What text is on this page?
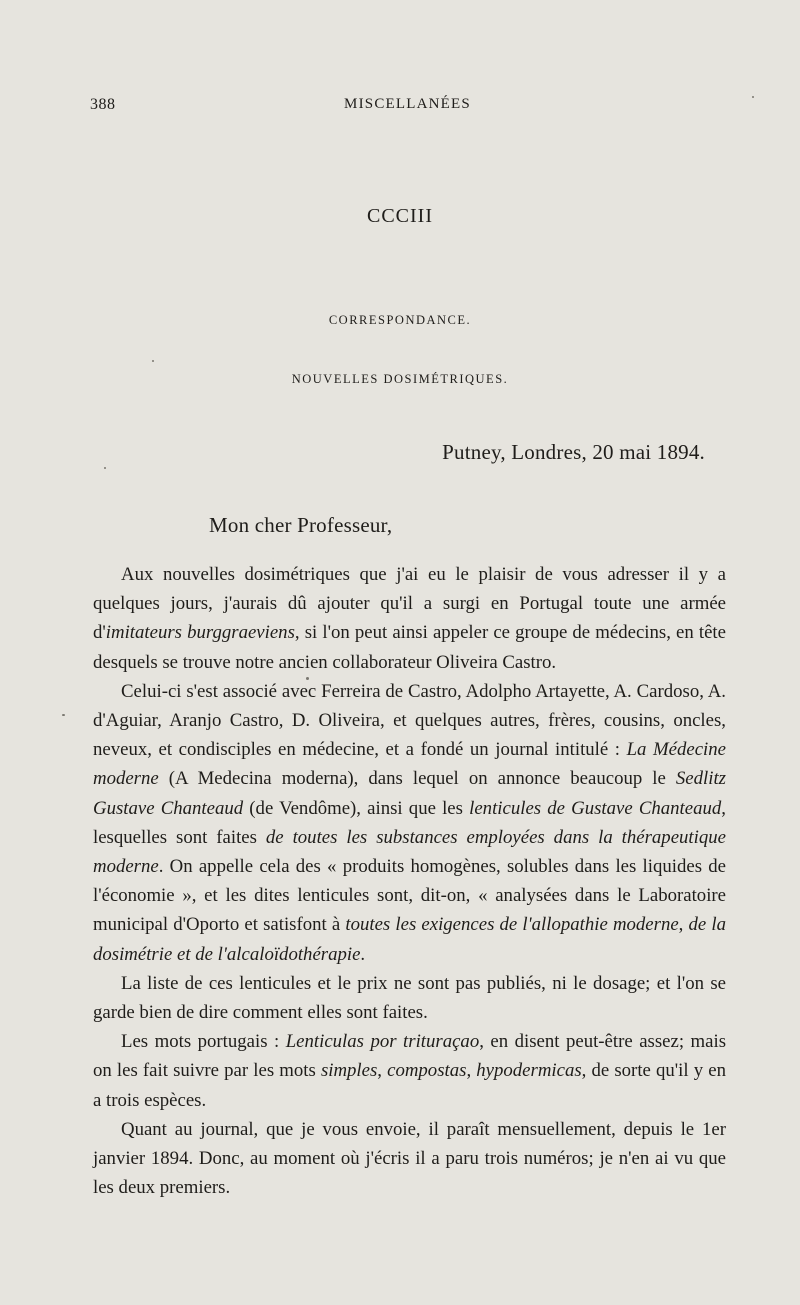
388	MISCELLANÉES
CCCIII
CORRESPONDANCE.
NOUVELLES DOSIMÉTRIQUES.
Putney, Londres, 20 mai 1894.
Mon cher Professeur,

Aux nouvelles dosimétriques que j'ai eu le plaisir de vous adresser il y a quelques jours, j'aurais dû ajouter qu'il a surgi en Portugal toute une armée d'imitateurs burggraeviens, si l'on peut ainsi appeler ce groupe de médecins, en tête desquels se trouve notre ancien collaborateur Oliveira Castro.

Celui-ci s'est associé avec Ferreira de Castro, Adolpho Artayette, A. Cardoso, A. d'Aguiar, Aranjo Castro, D. Oliveira, et quelques autres, frères, cousins, oncles, neveux, et condisciples en médecine, et a fondé un journal intitulé : La Médecine moderne (A Medecina moderna), dans lequel on annonce beaucoup le Sedlitz Gustave Chanteaud (de Vendôme), ainsi que les lenticules de Gustave Chanteaud, lesquelles sont faites de toutes les substances employées dans la thérapeutique moderne. On appelle cela des « produits homogènes, solubles dans les liquides de l'économie », et les dites lenticules sont, dit-on, « analysées dans le Laboratoire municipal d'Oporto et satisfont à toutes les exigences de l'allopathie moderne, de la dosimétrie et de l'alcaloïdothérapie.

La liste de ces lenticules et le prix ne sont pas publiés, ni le dosage; et l'on se garde bien de dire comment elles sont faites.

Les mots portugais : Lenticulas por trituraçao, en disent peut-être assez; mais on les fait suivre par les mots simples, compostas, hypodermicas, de sorte qu'il y en a trois espèces.

Quant au journal, que je vous envoie, il paraît mensuellement, depuis le 1er janvier 1894. Donc, au moment où j'écris il a paru trois numéros; je n'en ai vu que les deux premiers.
